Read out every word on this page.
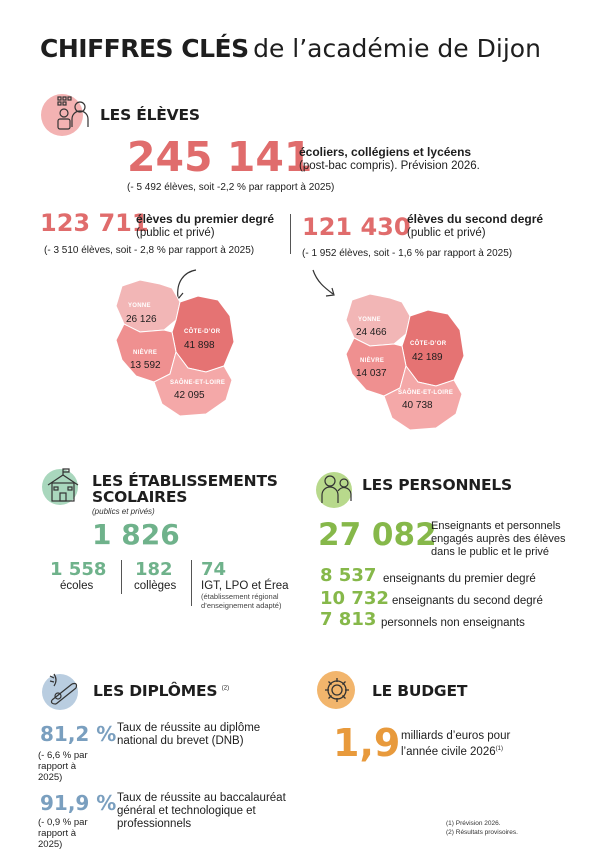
CHIFFRES CLÉS de l’académie de Dijon
LES ÉLÈVES
245 141
écoliers, collégiens et lycéens
(post-bac compris). Prévision 2026.
(- 5 492 élèves, soit -2,2 % par rapport à 2025)
123 711
élèves du premier degré
(public et privé)
(- 3 510 élèves, soit - 2,8 % par rapport à 2025)
121 430
élèves du second degré
(public et privé)
(- 1 952 élèves, soit - 1,6 % par rapport à 2025)
YONNE
26 126
CÔTE-D’OR
41 898
NIÈVRE
13 592
SAÔNE-ET-LOIRE
42 095
YONNE
24 466
CÔTE-D’OR
42 189
NIÈVRE
14 037
SAÔNE-ET-LOIRE
40 738
LES ÉTABLISSEMENTS
SCOLAIRES
(publics et privés)
1 826
1 558
écoles
182
collèges
74
IGT, LPO et Érea
(établissement régional d’enseignement adapté)
LES PERSONNELS
27 082
Enseignants et personnels engagés auprès des élèves dans le public et le privé
8 537 enseignants du premier degré
10 732 enseignants du second degré
7 813 personnels non enseignants
LES DIPLÔMES $^{(2)}$
81,2 % Taux de réussite au diplôme national du brevet (DNB)
(- 6,6 % par rapport à 2025)
91,9 % Taux de réussite au baccalauréat général et technologique et professionnels
(- 0,9 % par rapport à 2025)
LE BUDGET
1,9 milliards d’euros pour l’année civile 2026$^{(1)}$
(1) Prévision 2026.
(2) Résultats provisoires.
